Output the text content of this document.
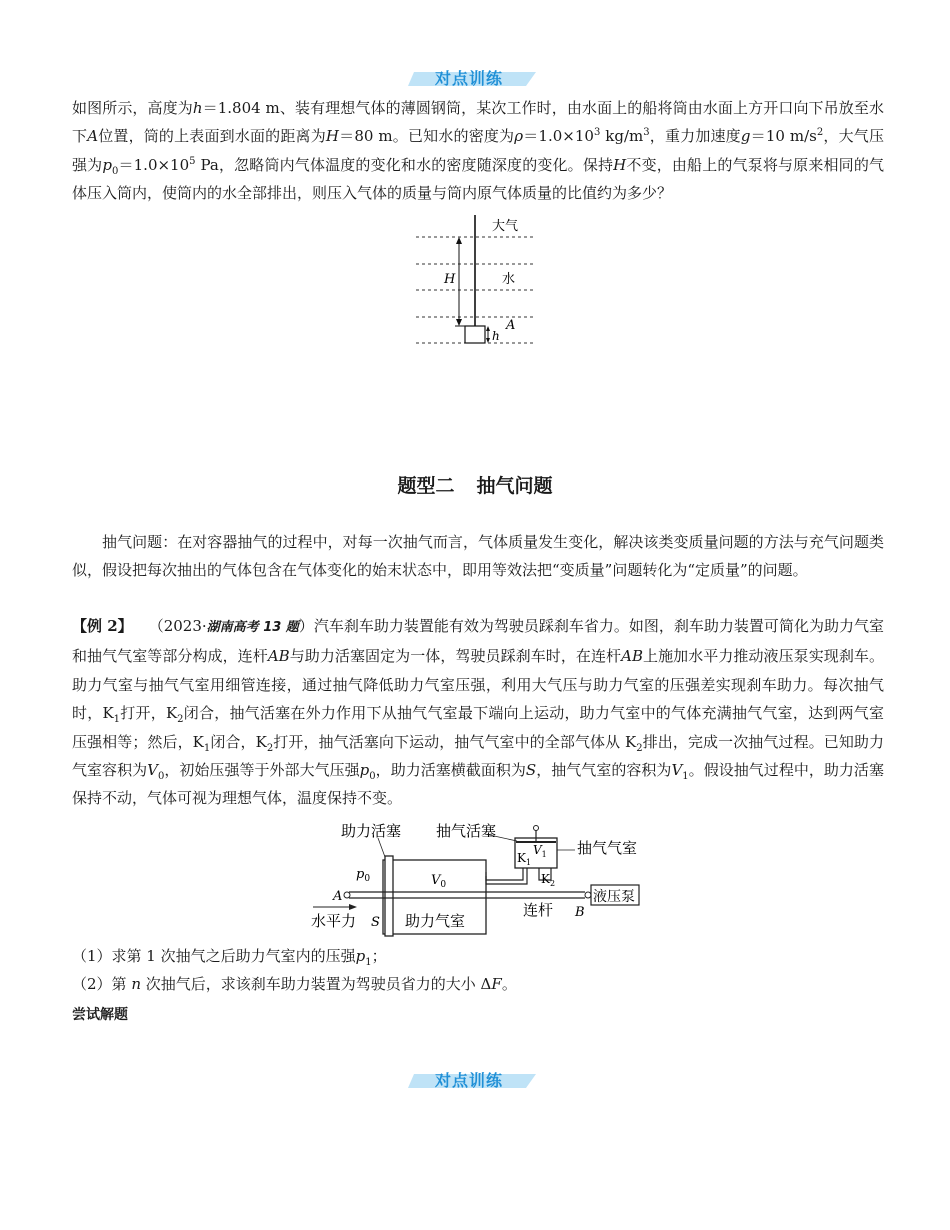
对点训练
如图所示，高度为h＝1.804 m、装有理想气体的薄圆钢筒，某次工作时，由水面上的船将筒由水面上方开口向下吊放至水下A位置，筒的上表面到水面的距离为H＝80 m。已知水的密度为$\rho=1.0\times 10^3$ $kg/m^3$，重力加速度g＝10 $m/s^2$，大气压强为$p_0=1.0\times 10^5$ Pa，忽略筒内气体温度的变化和水的密度随深度的变化。保持H不变，由船上的气泵将与原来相同的气体压入筒内，使筒内的水全部排出，则压入气体的质量与筒内原气体质量的比值约为多少？
大气
H	水
A
h
题型二 抽气问题
抽气问题：在对容器抽气的过程中，对每一次抽气而言，气体质量发生变化，解决该类变质量问题的方法与充气问题类似，假设把每次抽出的气体包含在气体变化的始末状态中，即用等效法把“变质量”问题转化为“定质量”的问题。
【例 2】 （2023·湖南高考 13 题）汽车刹车助力装置能有效为驾驶员踩刹车省力。如图，刹车助力装置可简化为助力气室和抽气气室等部分构成，连杆AB与助力活塞固定为一体，驾驶员踩刹车时，在连杆AB上施加水平力推动液压泵实现刹车。助力气室与抽气气室用细管连接，通过抽气降低助力气室压强，利用大气压与助力气室的压强差实现刹车助力。每次抽气时，$K_1$打开，$K_2$闭合，抽气活塞在外力作用下从抽气气室最下端向上运动，助力气室中的气体充满抽气气室，达到两气室压强相等；然后，$K_1$闭合，$K_2$打开，抽气活塞向下运动，抽气气室中的全部气体从 $K_2$排出，完成一次抽气过程。已知助力气室容积为$V_0$，初始压强等于外部大气压强$p_0$，助力活塞横截面积为S，抽气气室的容积为$V_1$。假设抽气过程中，助力活塞保持不动，气体可视为理想气体，温度保持不变。
助力活塞 抽气活塞
抽气气室
$p_0$	$V_0$
$V_1$
$K_1$
$K_2$
A
B
S
水平力	助力气室
连杆
液压泵
（1）求第 1 次抽气之后助力气室内的压强$p_1$；
（2）第 n 次抽气后，求该刹车助力装置为驾驶员省力的大小 ΔF。
尝试解题
对点训练
